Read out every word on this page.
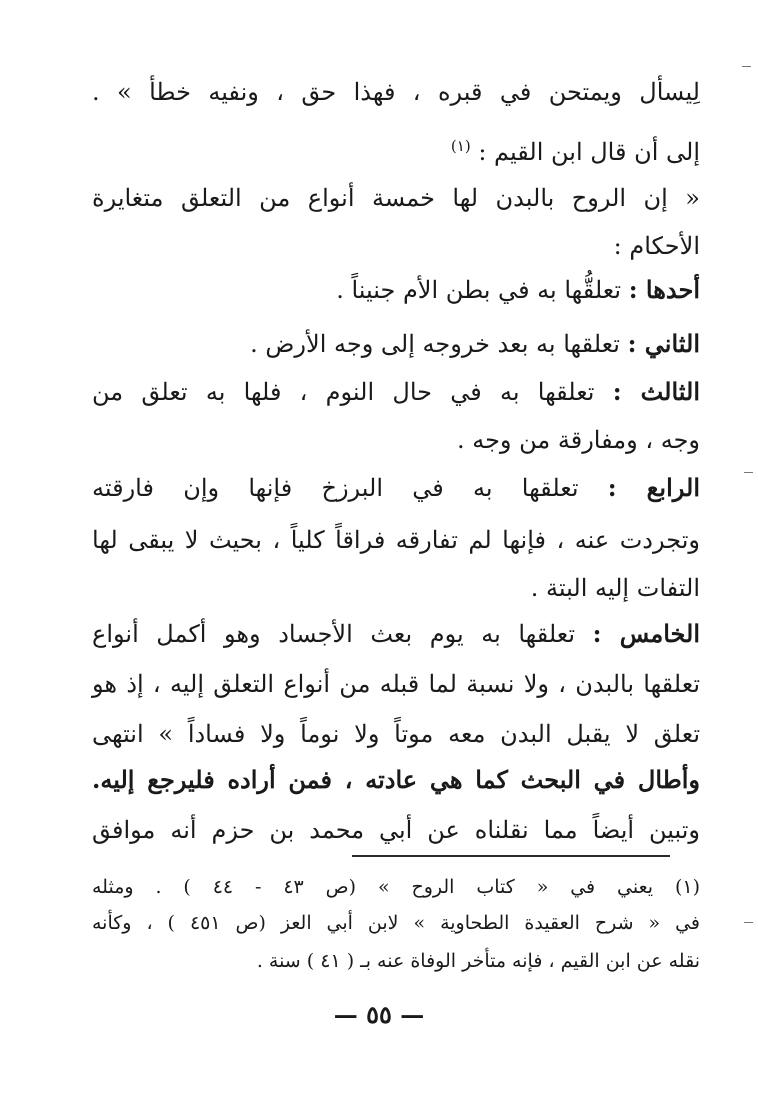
لِيسأل ويمتحن في قبره ، فهذا حق ، ونفيه خطأ » .
إلى أن قال ابن القيم : $^{(١)}$
« إن الروح بالبدن لها خمسة أنواع من التعلق متغايرة
الأحكام :
أحدها : تعلقُّها به في بطن الأم جنيناً .
الثاني : تعلقها به بعد خروجه إلى وجه الأرض .
الثالث : تعلقها به في حال النوم ، فلها به تعلق من
وجه ، ومفارقة من وجه .
الرابع : تعلقها به في البرزخ فإنها وإن فارقته
وتجردت عنه ، فإنها لم تفارقه فراقاً كلياً ، بحيث لا يبقى لها
التفات إليه البتة .
الخامس : تعلقها به يوم بعث الأجساد وهو أكمل أنواع
تعلقها بالبدن ، ولا نسبة لما قبله من أنواع التعلق إليه ، إذ هو
تعلق لا يقبل البدن معه موتاً ولا نوماً ولا فساداً » انتهى
وأطال في البحث كما هي عادته ، فمن أراده فليرجع إليه.
وتبين أيضاً مما نقلناه عن أبي محمد بن حزم أنه موافق
(١) يعني في « كتاب الروح » (ص ٤٣ - ٤٤ ) . ومثله
في « شرح العقيدة الطحاوية » لابن أبي العز (ص ٤٥١ ) ، وكأنه
نقله عن ابن القيم ، فإنه متأخر الوفاة عنه بـ ( ٤١ ) سنة .
— ٥٥ —
